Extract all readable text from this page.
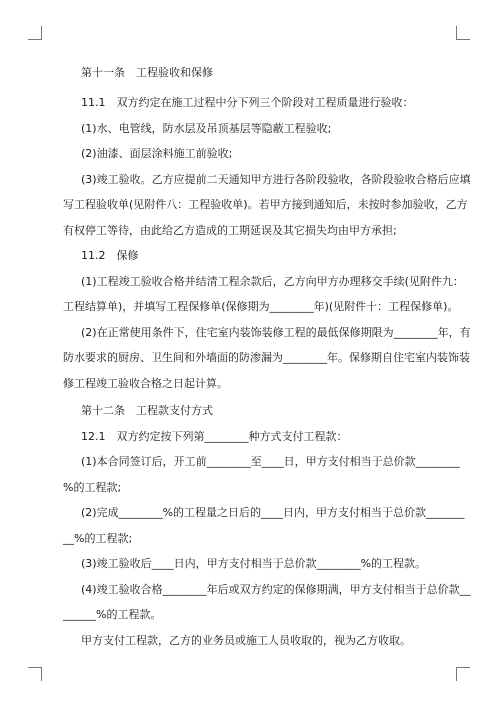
第十一条　工程验收和保修
11.1　双方约定在施工过程中分下列三个阶段对工程质量进行验收：
(1)水、电管线，防水层及吊顶基层等隐蔽工程验收;
(2)油漆、面层涂料施工前验收;
(3)竣工验收。乙方应提前二天通知甲方进行各阶段验收，各阶段验收合格后应填
写工程验收单(见附件八：工程验收单)。若甲方接到通知后，未按时参加验收，乙方
有权停工等待，由此给乙方造成的工期延误及其它损失均由甲方承担;
11.2　保修
(1)工程竣工验收合格并结清工程余款后，乙方向甲方办理移交手续(见附件九：
工程结算单)，并填写工程保修单(保修期为________年)(见附件十：工程保修单)。
(2)在正常使用条件下，住宅室内装饰装修工程的最低保修期限为________年，有
防水要求的厨房、卫生间和外墙面的防渗漏为________年。保修期自住宅室内装饰装
修工程竣工验收合格之日起计算。
第十二条　工程款支付方式
12.1　双方约定按下列第________种方式支付工程款：
(1)本合同签订后，开工前________至____日，甲方支付相当于总价款________
%的工程款;
(2)完成________%的工程量之日后的____日内，甲方支付相当于总价款_______
__%的工程款;
(3)竣工验收后____日内，甲方支付相当于总价款________%的工程款。
(4)竣工验收合格________年后或双方约定的保修期满，甲方支付相当于总价款__
______%的工程款。
甲方支付工程款，乙方的业务员或施工人员收取的，视为乙方收取。
